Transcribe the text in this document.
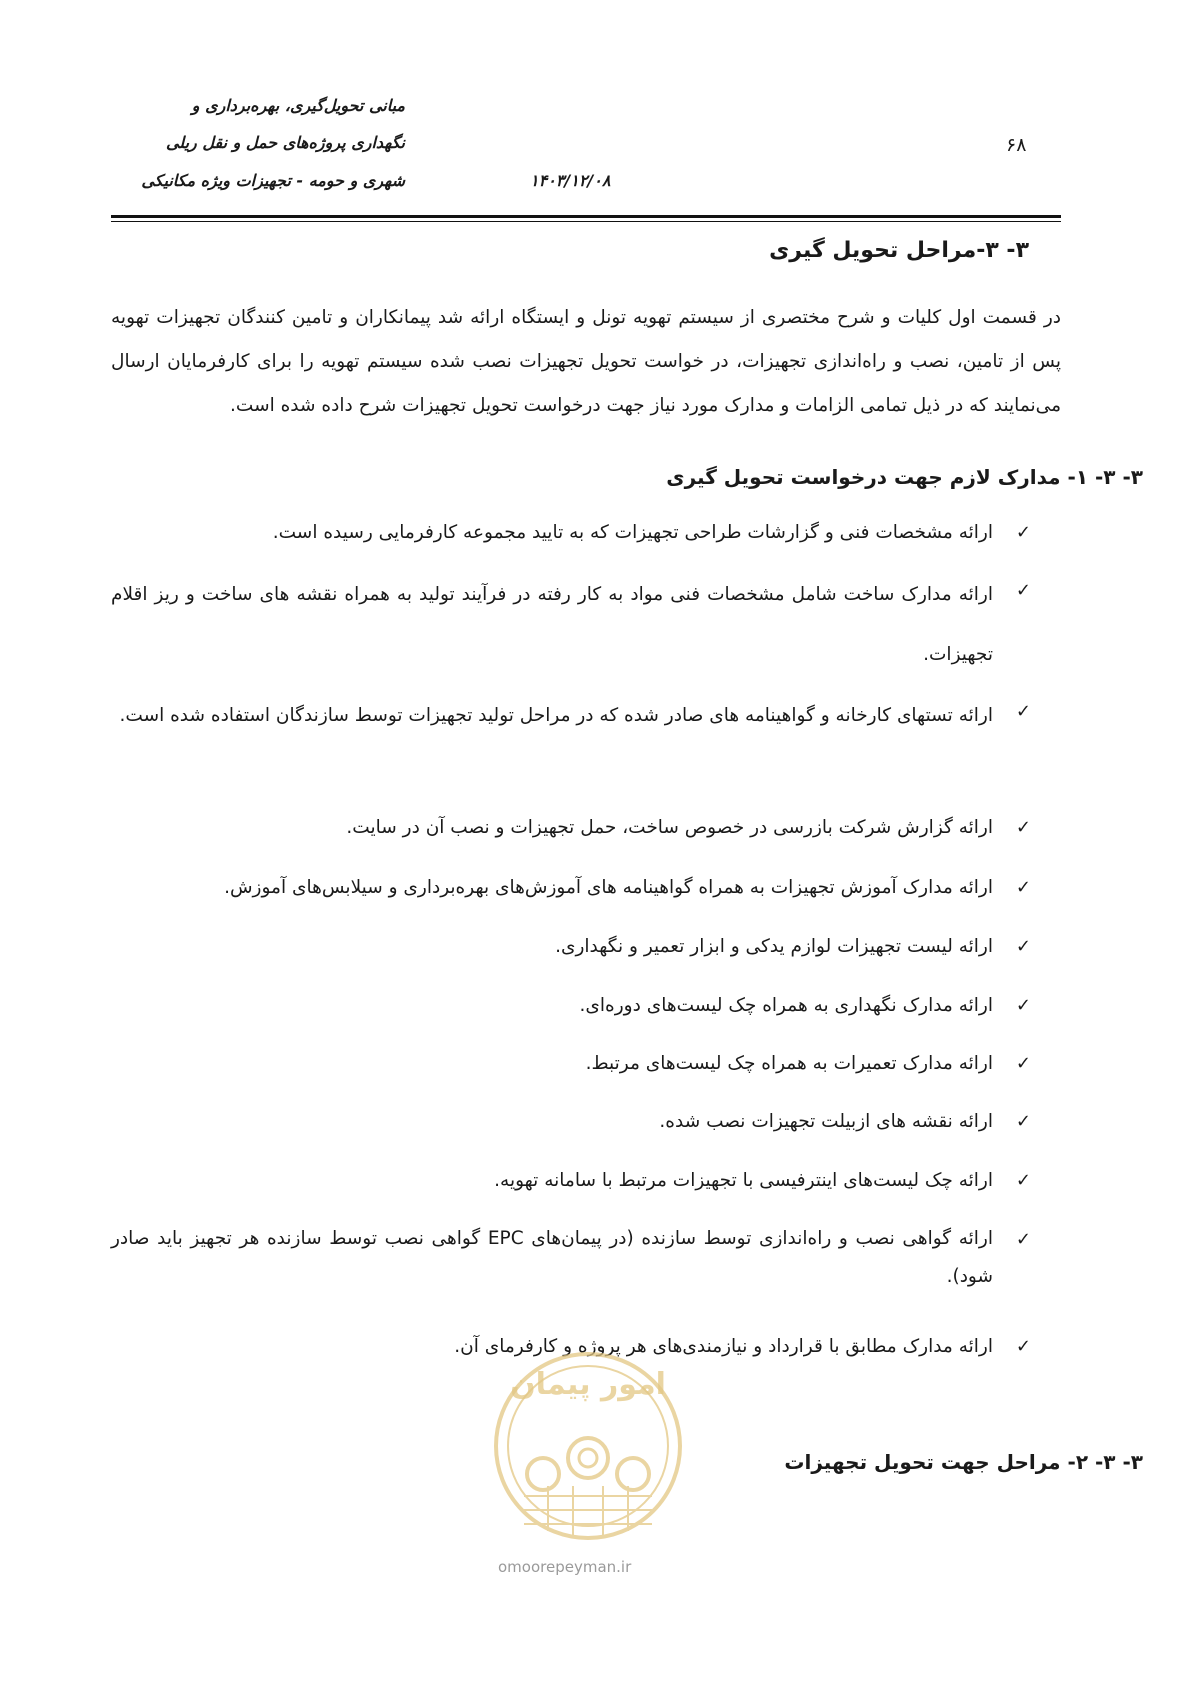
مبانی تحویل‌گیری، بهره‌برداری و
نگهداری پروژه‌های حمل و نقل ریلی
شهری و حومه - تجهیزات ویژه مکانیکی	۱۴۰۳/۱۲/۰۸
۶۸
۳- ۳-مراحل تحویل گیری
در قسمت اول کلیات و شرح مختصری از سیستم تهویه تونل و ایستگاه ارائه شد پیمانکاران و تامین کنندگان تجهیزات تهویه پس از تامین، نصب و راه‌اندازی تجهیزات، در خواست تحویل تجهیزات نصب شده سیستم تهویه را برای کارفرمایان ارسال می‌نمایند که در ذیل تمامی الزامات و مدارک مورد نیاز جهت درخواست تحویل تجهیزات شرح داده شده است.
۳- ۳- ۱- مدارک لازم جهت درخواست تحویل گیری
✓
ارائه مشخصات فنی و گزارشات طراحی تجهیزات که به تایید مجموعه کارفرمایی رسیده است.
✓
ارائه مدارک ساخت شامل مشخصات فنی مواد به کار رفته در فرآیند تولید به همراه نقشه های ساخت و ریز اقلام تجهیزات.
✓
ارائه تستهای کارخانه و گواهینامه های صادر شده که در مراحل تولید تجهیزات توسط سازندگان استفاده شده است.
✓
ارائه گزارش شرکت بازرسی در خصوص ساخت، حمل تجهیزات و نصب آن در سایت.
✓
ارائه مدارک آموزش تجهیزات به همراه گواهینامه های آموزش‌های بهره‌برداری و سیلابس‌های آموزش.
✓
ارائه لیست تجهیزات لوازم یدکی و ابزار تعمیر و نگهداری.
✓
ارائه مدارک نگهداری به همراه چک لیست‌های دوره‌ای.
✓
ارائه مدارک تعمیرات به همراه چک لیست‌های مرتبط.
✓
ارائه نقشه های ازبیلت تجهیزات نصب شده.
✓
ارائه چک لیست‌های اینترفیسی با تجهیزات مرتبط با سامانه تهویه.
✓
ارائه گواهی نصب و راه‌اندازی توسط سازنده (در پیمان‌های EPC گواهی نصب توسط سازنده هر تجهیز باید صادر شود).
✓
ارائه مدارک مطابق با قرارداد و نیازمندی‌های هر پروژه و کارفرمای آن.
امور پیمان
omoorepeyman.ir
۳- ۳- ۲- مراحل جهت تحویل تجهیزات
